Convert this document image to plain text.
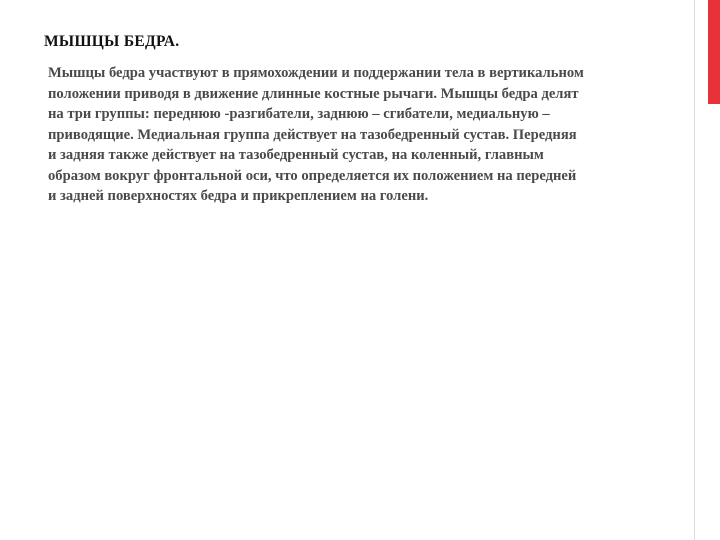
МЫШЦЫ БЕДРА.

Мышцы бедра участвуют в прямохождении и поддержании тела в вертикальном
положении приводя в движение длинные костные рычаги. Мышцы бедра делят
на три группы: переднюю -разгибатели, заднюю – сгибатели, медиальную –
приводящие. Медиальная группа действует на тазобедренный сустав. Передняя
и задняя также действует на тазобедренный сустав, на коленный, главным
образом вокруг фронтальной оси, что определяется их положением на передней
и задней поверхностях бедра и прикреплением на голени.
